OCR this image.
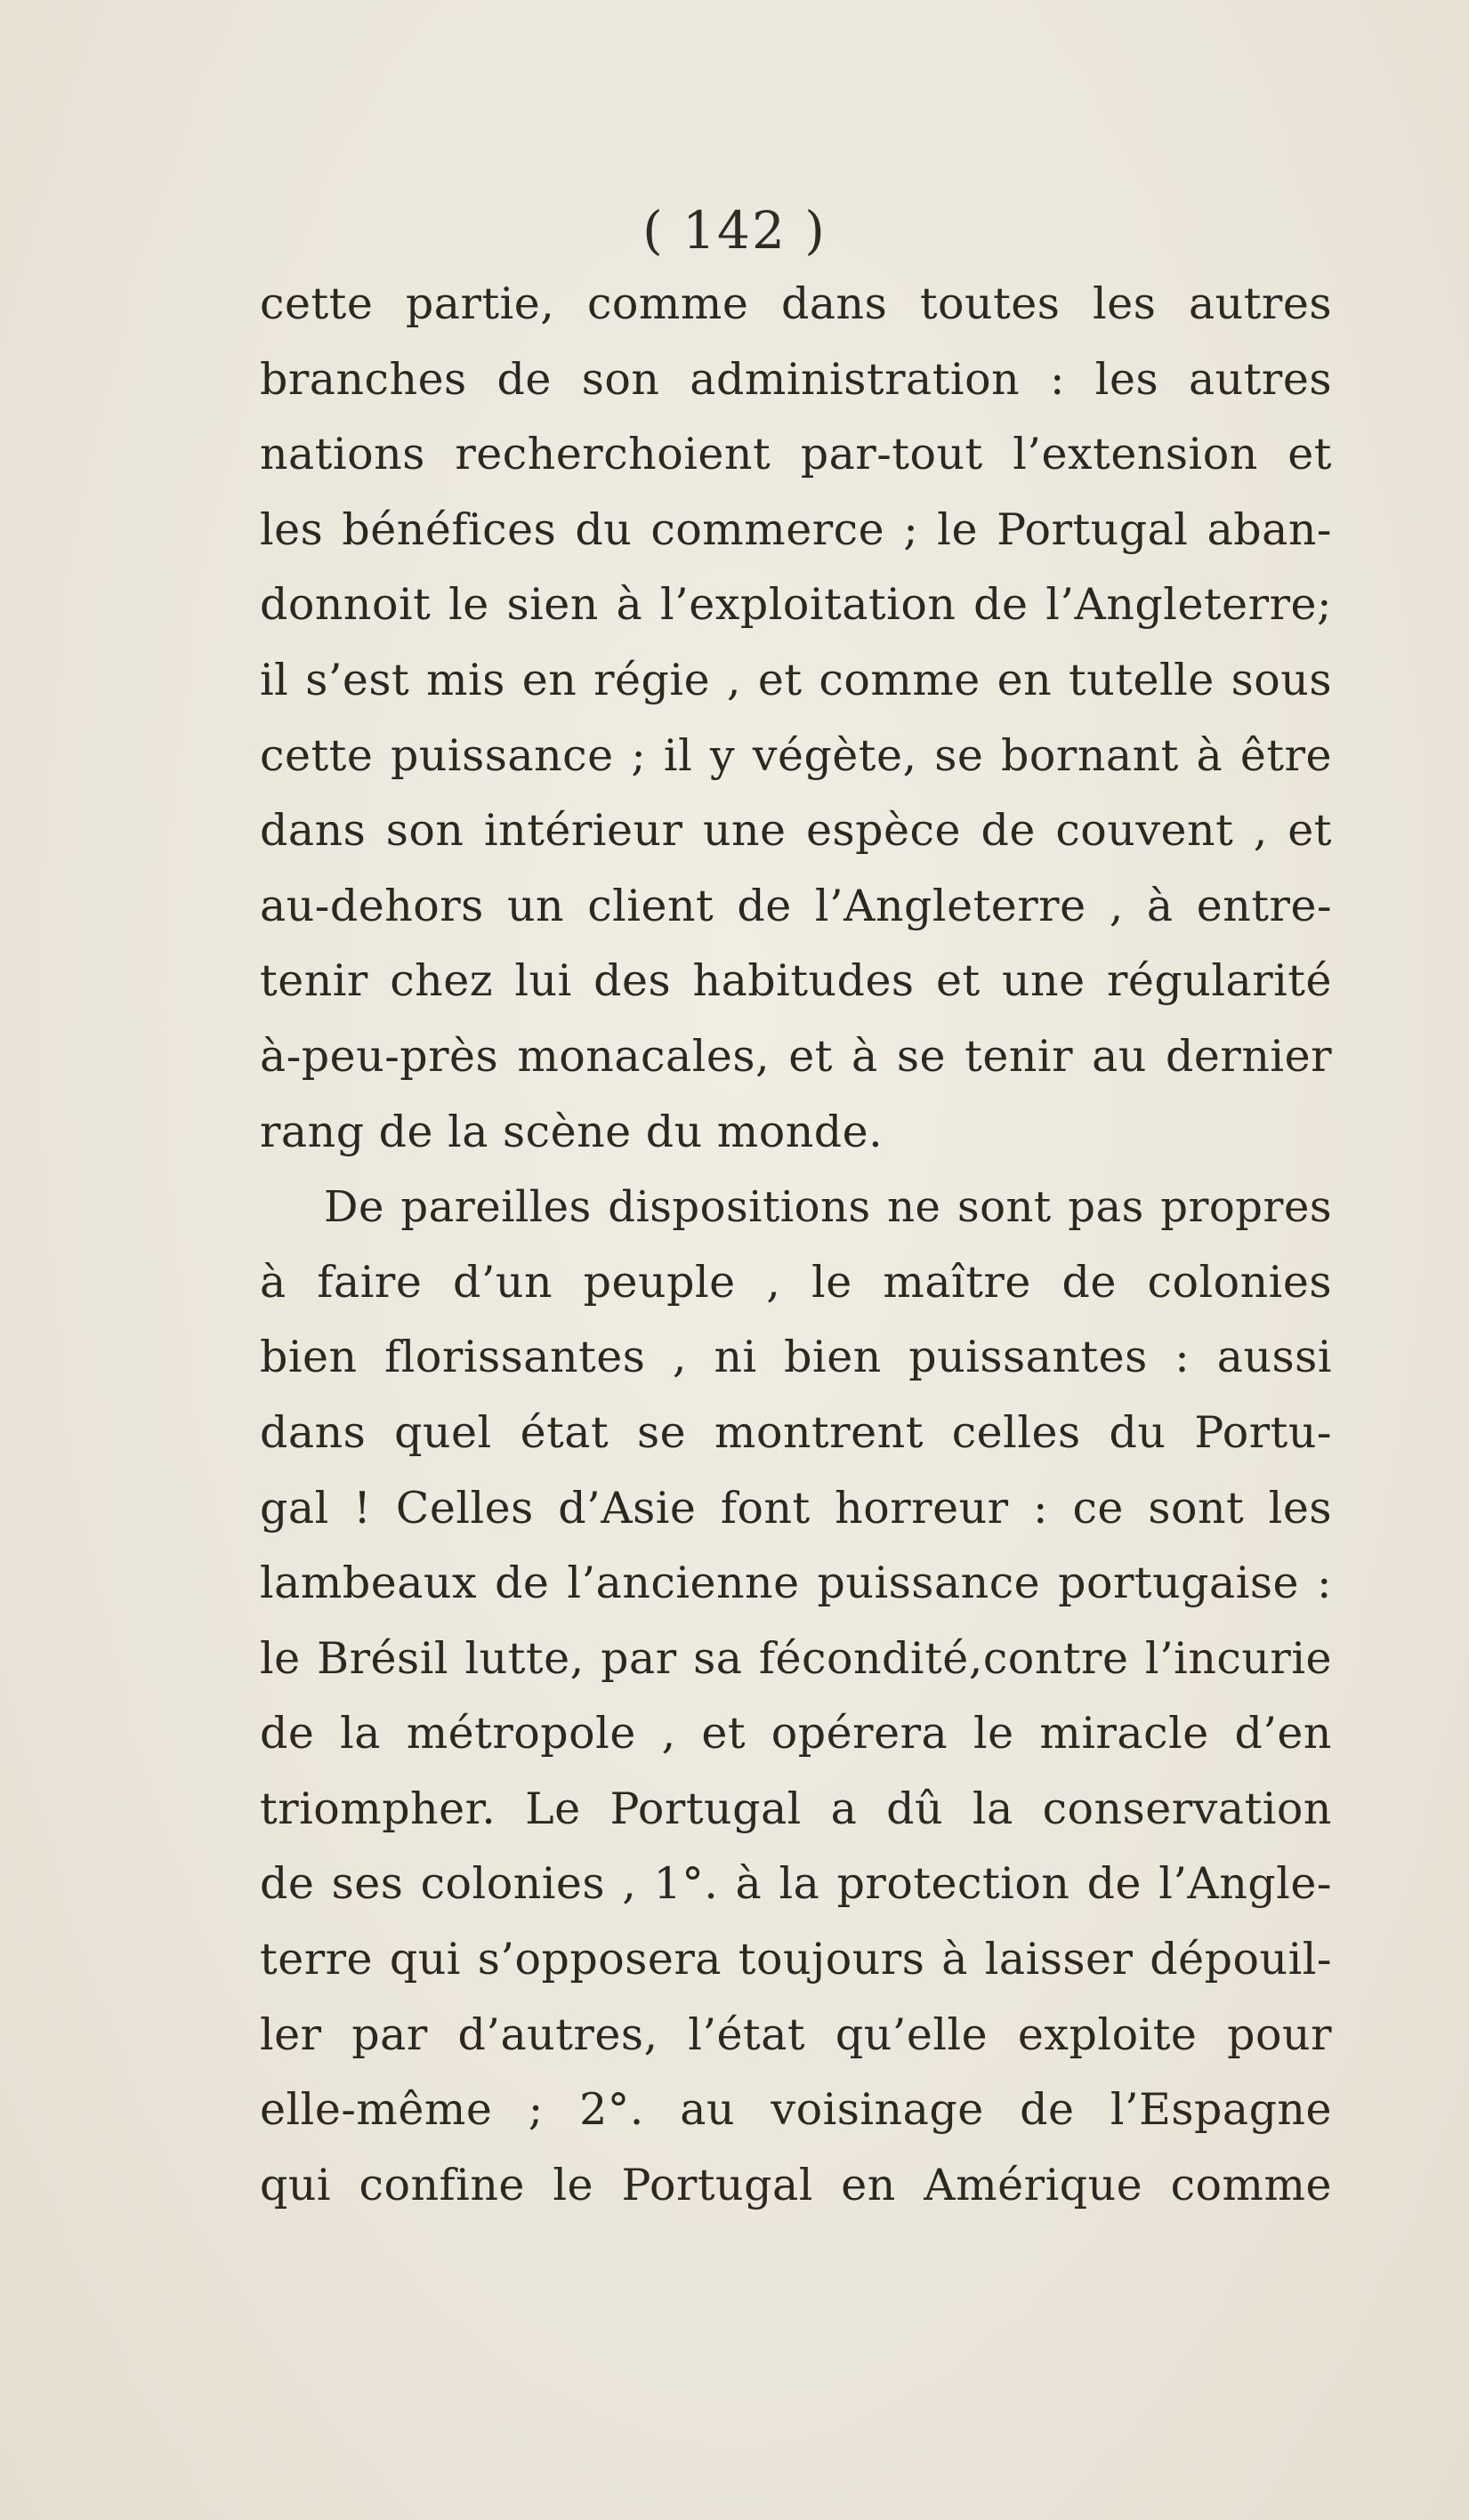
( 142 )
cette partie, comme dans toutes les autres
branches de son administration : les autres
nations recherchoient par-tout l’extension et
les bénéfices du commerce ; le Portugal aban-
donnoit le sien à l’exploitation de l’Angleterre;
il s’est mis en régie , et comme en tutelle sous
cette puissance ; il y végète, se bornant à être
dans son intérieur une espèce de couvent , et
au-dehors un client de l’Angleterre , à entre-
tenir chez lui des habitudes et une régularité
à-peu-près monacales, et à se tenir au dernier
rang de la scène du monde.
De pareilles dispositions ne sont pas propres
à faire d’un peuple , le maître de colonies
bien florissantes , ni bien puissantes : aussi
dans quel état se montrent celles du Portu-
gal ! Celles d’Asie font horreur : ce sont les
lambeaux de l’ancienne puissance portugaise :
le Brésil lutte, par sa fécondité,contre l’incurie
de la métropole , et opérera le miracle d’en
triompher. Le Portugal a dû la conservation
de ses colonies , 1°. à la protection de l’Angle-
terre qui s’opposera toujours à laisser dépouil-
ler par d’autres, l’état qu’elle exploite pour
elle-même ; 2°. au voisinage de l’Espagne
qui confine le Portugal en Amérique comme
